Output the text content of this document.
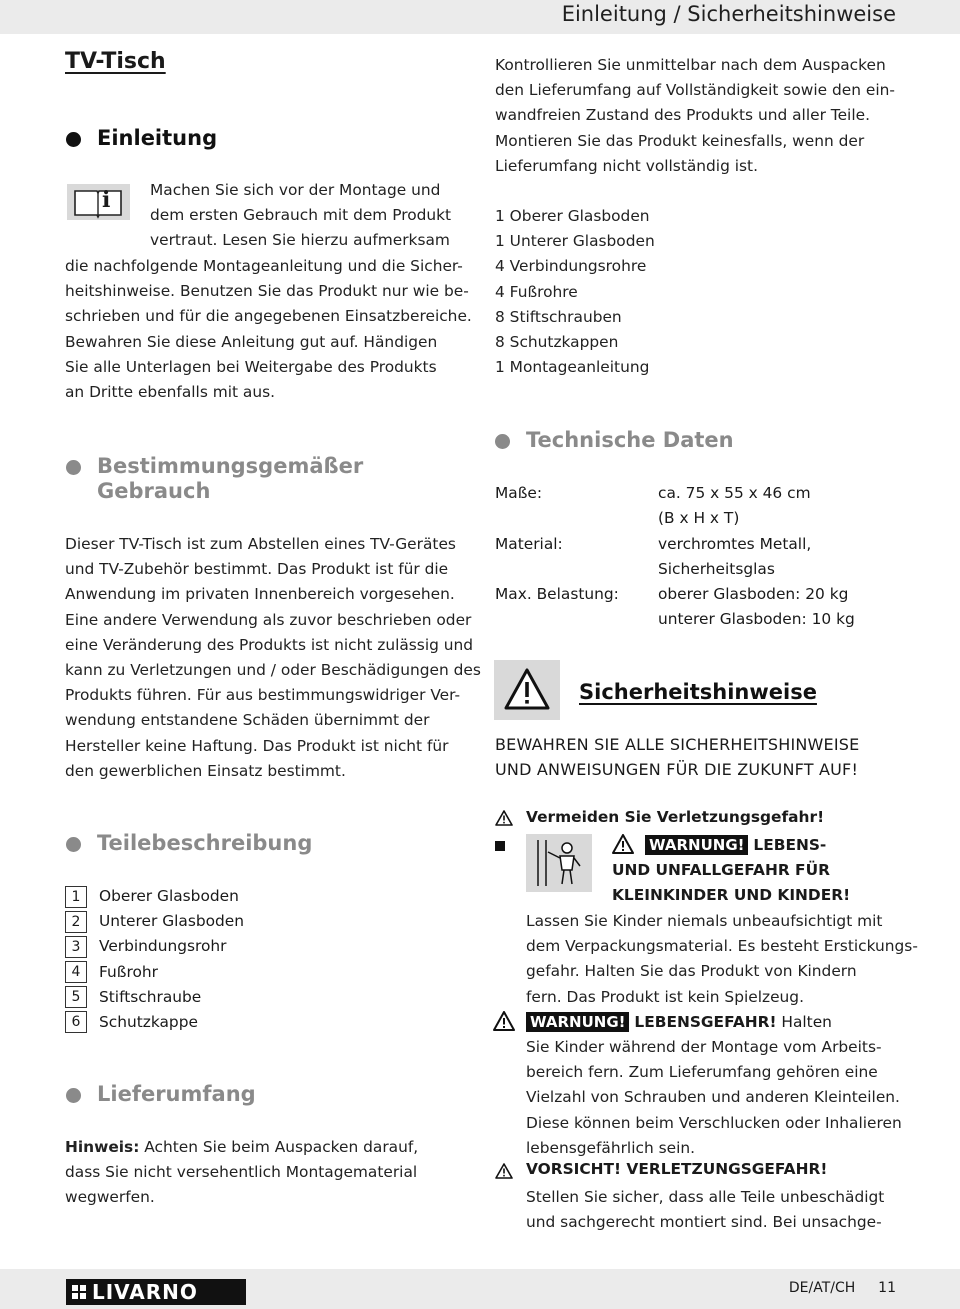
Einleitung / Sicherheitshinweise
TV-Tisch
Einleitung
i	Machen Sie sich vor der Montage und
dem ersten Gebrauch mit dem Produkt
vertraut. Lesen Sie hierzu aufmerksam
die nachfolgende Montageanleitung und die Sicher-
heitshinweise. Benutzen Sie das Produkt nur wie be-
schrieben und für die angegebenen Einsatzbereiche.
Bewahren Sie diese Anleitung gut auf. Händigen
Sie alle Unterlagen bei Weitergabe des Produkts
an Dritte ebenfalls mit aus.
Bestimmungsgemäßer
Gebrauch
Dieser TV-Tisch ist zum Abstellen eines TV-Gerätes
und TV-Zubehör bestimmt. Das Produkt ist für die
Anwendung im privaten Innenbereich vorgesehen.
Eine andere Verwendung als zuvor beschrieben oder
eine Veränderung des Produkts ist nicht zulässig und
kann zu Verletzungen und / oder Beschädigungen des
Produkts führen. Für aus bestimmungswidriger Ver-
wendung entstandene Schäden übernimmt der
Hersteller keine Haftung. Das Produkt ist nicht für
den gewerblichen Einsatz bestimmt.
Teilebeschreibung
1 Oberer Glasboden
2 Unterer Glasboden
3 Verbindungsrohr
4 Fußrohr
5 Stiftschraube
6 Schutzkappe
Lieferumfang
Hinweis: Achten Sie beim Auspacken darauf,
dass Sie nicht versehentlich Montagematerial
wegwerfen.
Kontrollieren Sie unmittelbar nach dem Auspacken
den Lieferumfang auf Vollständigkeit sowie den ein-
wandfreien Zustand des Produkts und aller Teile.
Montieren Sie das Produkt keinesfalls, wenn der
Lieferumfang nicht vollständig ist.
1 Oberer Glasboden
1 Unterer Glasboden
4 Verbindungsrohre
4 Fußrohre
8 Stiftschrauben
8 Schutzkappen
1 Montageanleitung
Technische Daten
Maße:	ca. 75 x 55 x 46 cm
(B x H x T)
Material:	verchromtes Metall,
Sicherheitsglas
Max. Belastung:	oberer Glasboden: 20 kg
unterer Glasboden: 10 kg
Sicherheitshinweise
BEWAHREN SIE ALLE SICHERHEITSHINWEISE
UND ANWEISUNGEN FÜR DIE ZUKUNFT AUF!
Vermeiden Sie Verletzungsgefahr!
WARNUNG! LEBENS-
UND UNFALLGEFAHR FÜR
KLEINKINDER UND KINDER!
Lassen Sie Kinder niemals unbeaufsichtigt mit
dem Verpackungsmaterial. Es besteht Erstickungs-
gefahr. Halten Sie das Produkt von Kindern
fern. Das Produkt ist kein Spielzeug.
WARNUNG! LEBENSGEFAHR! Halten
Sie Kinder während der Montage vom Arbeits-
bereich fern. Zum Lieferumfang gehören eine
Vielzahl von Schrauben und anderen Kleinteilen.
Diese können beim Verschlucken oder Inhalieren
lebensgefährlich sein.
VORSICHT! VERLETZUNGSGEFAHR!
Stellen Sie sicher, dass alle Teile unbeschädigt
und sachgerecht montiert sind. Bei unsachge-
LIVARNO	DE/AT/CH 11
